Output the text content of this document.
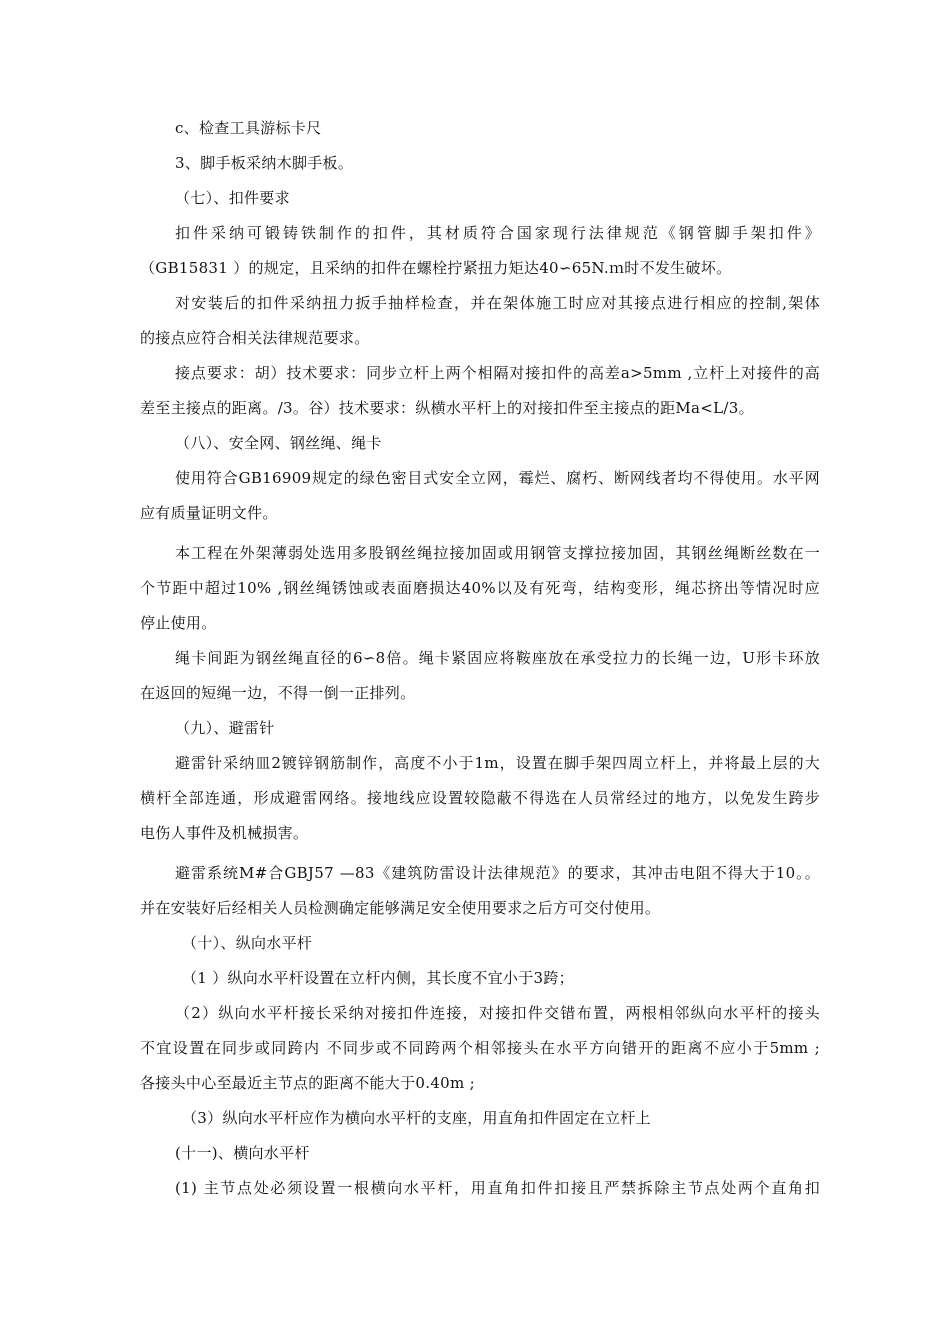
c、检查工具游标卡尺
3、脚手板采纳木脚手板。
（七）、扣件要求
扣件采纳可锻铸铁制作的扣件，其材质符合国家现行法律规范《钢管脚手架扣件》
（GB15831 ）的规定，且采纳的扣件在螺栓拧紧扭力矩达40∽65N.ｍ时不发生破坏。
对安装后的扣件采纳扭力扳手抽样检查，并在架体施工时应对其接点进行相应的控制,架体
的接点应符合相关法律规范要求。
接点要求：胡）技术要求：同步立杆上两个相隔对接扣件的高差a>5mm ,立杆上对接件的高
差至主接点的距离。/3。谷）技术要求：纵横水平杆上的对接扣件至主接点的距Ma<L/3。
（八）、安全网、钢丝绳、绳卡
使用符合GB16909规定的绿色密目式安全立网，霉烂、腐朽、断网线者均不得使用。水平网
应有质量证明文件。
本工程在外架薄弱处选用多股钢丝绳拉接加固或用钢管支撑拉接加固，其钢丝绳断丝数在一
个节距中超过10% ,钢丝绳锈蚀或表面磨损达40%以及有死弯，结构变形，绳芯挤出等情况时应
停止使用。
绳卡间距为钢丝绳直径的6∽8倍。绳卡紧固应将鞍座放在承受拉力的长绳一边，U形卡环放
在返回的短绳一边，不得一倒一正排列。
（九）、避雷针
避雷针采纳皿2镀锌钢筋制作，高度不小于1m，设置在脚手架四周立杆上，并将最上层的大
横杆全部连通，形成避雷网络。接地线应设置较隐蔽不得选在人员常经过的地方，以免发生跨步
电伤人事件及机械损害。
避雷系统M#合GBJ57 —83《建筑防雷设计法律规范》的要求，其冲击电阻不得大于10。。
并在安装好后经相关人员检测确定能够满足安全使用要求之后方可交付使用。
（十）、纵向水平杆
（1 ）纵向水平杆设置在立杆内侧，其长度不宜小于3跨；
（2）纵向水平杆接长采纳对接扣件连接，对接扣件交错布置，两根相邻纵向水平杆的接头
不宜设置在同步或同跨内 不同步或不同跨两个相邻接头在水平方向错开的距离不应小于5mm ;
各接头中心至最近主节点的距离不能大于0.40m ;
（3）纵向水平杆应作为横向水平杆的支座，用直角扣件固定在立杆上
(十一)、横向水平杆
(1) 主节点处必须设置一根横向水平杆，用直角扣件扣接且严禁拆除主节点处两个直角扣
